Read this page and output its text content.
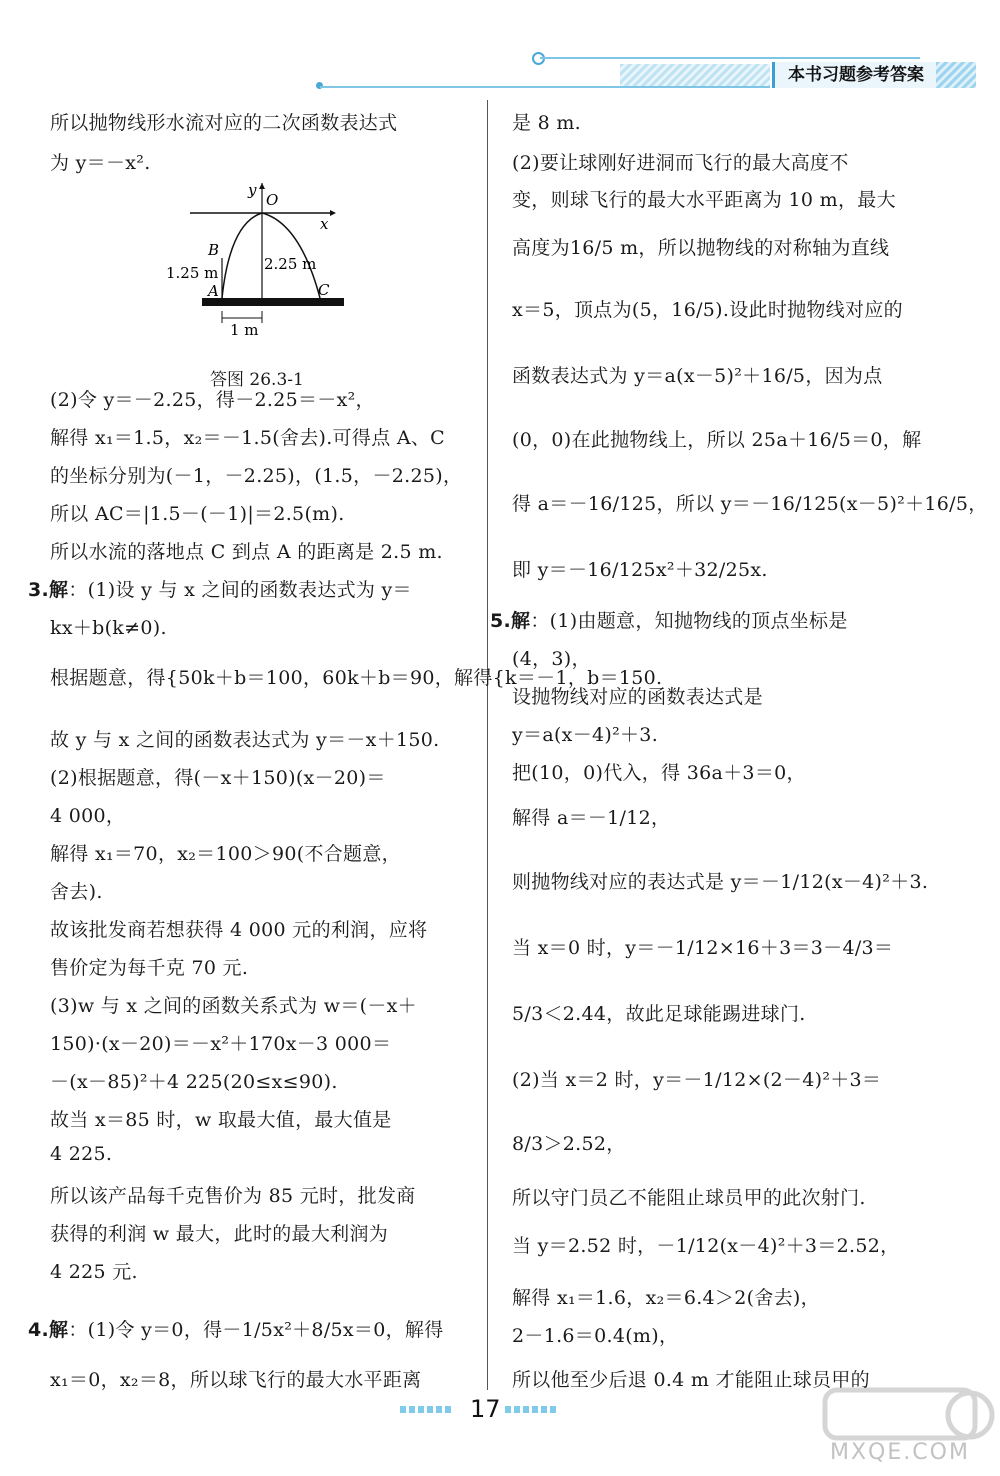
本书习题参考答案
所以抛物线形水流对应的二次函数表达式
为 y＝－x².
y
O
x
B
A	C
1.25 m	2.25 m
1 m
答图 26.3-1
(2)令 y＝－2.25，得－2.25＝－x²，
解得 x₁＝1.5，x₂＝－1.5(舍去).可得点 A、C
的坐标分别为(－1，－2.25)，(1.5，－2.25)，
所以 AC＝|1.5－(－1)|＝2.5(m).
所以水流的落地点 C 到点 A 的距离是 2.5 m.
3.解：(1)设 y 与 x 之间的函数表达式为 y＝
kx＋b(k≠0).
根据题意，得{50k＋b＝100，60k＋b＝90，解得{k＝－1，b＝150.
故 y 与 x 之间的函数表达式为 y＝－x＋150.
(2)根据题意，得(－x＋150)(x－20)＝
4 000，
解得 x₁＝70，x₂＝100＞90(不合题意，
舍去).
故该批发商若想获得 4 000 元的利润，应将
售价定为每千克 70 元.
(3)w 与 x 之间的函数关系式为 w＝(－x＋
150)·(x－20)＝－x²＋170x－3 000＝
－(x－85)²＋4 225(20≤x≤90).
故当 x＝85 时，w 取最大值，最大值是
4 225.
所以该产品每千克售价为 85 元时，批发商
获得的利润 w 最大，此时的最大利润为
4 225 元.
4.解：(1)令 y＝0，得－1/5x²＋8/5x＝0，解得
x₁＝0，x₂＝8，所以球飞行的最大水平距离
是 8 m.
(2)要让球刚好进洞而飞行的最大高度不
变，则球飞行的最大水平距离为 10 m，最大
高度为16/5 m，所以抛物线的对称轴为直线
x＝5，顶点为(5，16/5).设此时抛物线对应的
函数表达式为 y＝a(x－5)²＋16/5，因为点
(0，0)在此抛物线上，所以 25a＋16/5＝0，解
得 a＝－16/125，所以 y＝－16/125(x－5)²＋16/5，
即 y＝－16/125x²＋32/25x.
5.解：(1)由题意，知抛物线的顶点坐标是
(4，3)，
设抛物线对应的函数表达式是
y＝a(x－4)²＋3.
把(10，0)代入，得 36a＋3＝0，
解得 a＝－1/12，
则抛物线对应的表达式是 y＝－1/12(x－4)²＋3.
当 x＝0 时，y＝－1/12×16＋3＝3－4/3＝
5/3＜2.44，故此足球能踢进球门.
(2)当 x＝2 时，y＝－1/12×(2－4)²＋3＝
8/3＞2.52，
所以守门员乙不能阻止球员甲的此次射门.
当 y＝2.52 时，－1/12(x－4)²＋3＝2.52，
解得 x₁＝1.6，x₂＝6.4＞2(舍去)，
2－1.6＝0.4(m)，
所以他至少后退 0.4 m 才能阻止球员甲的
17
MXQE.COM
